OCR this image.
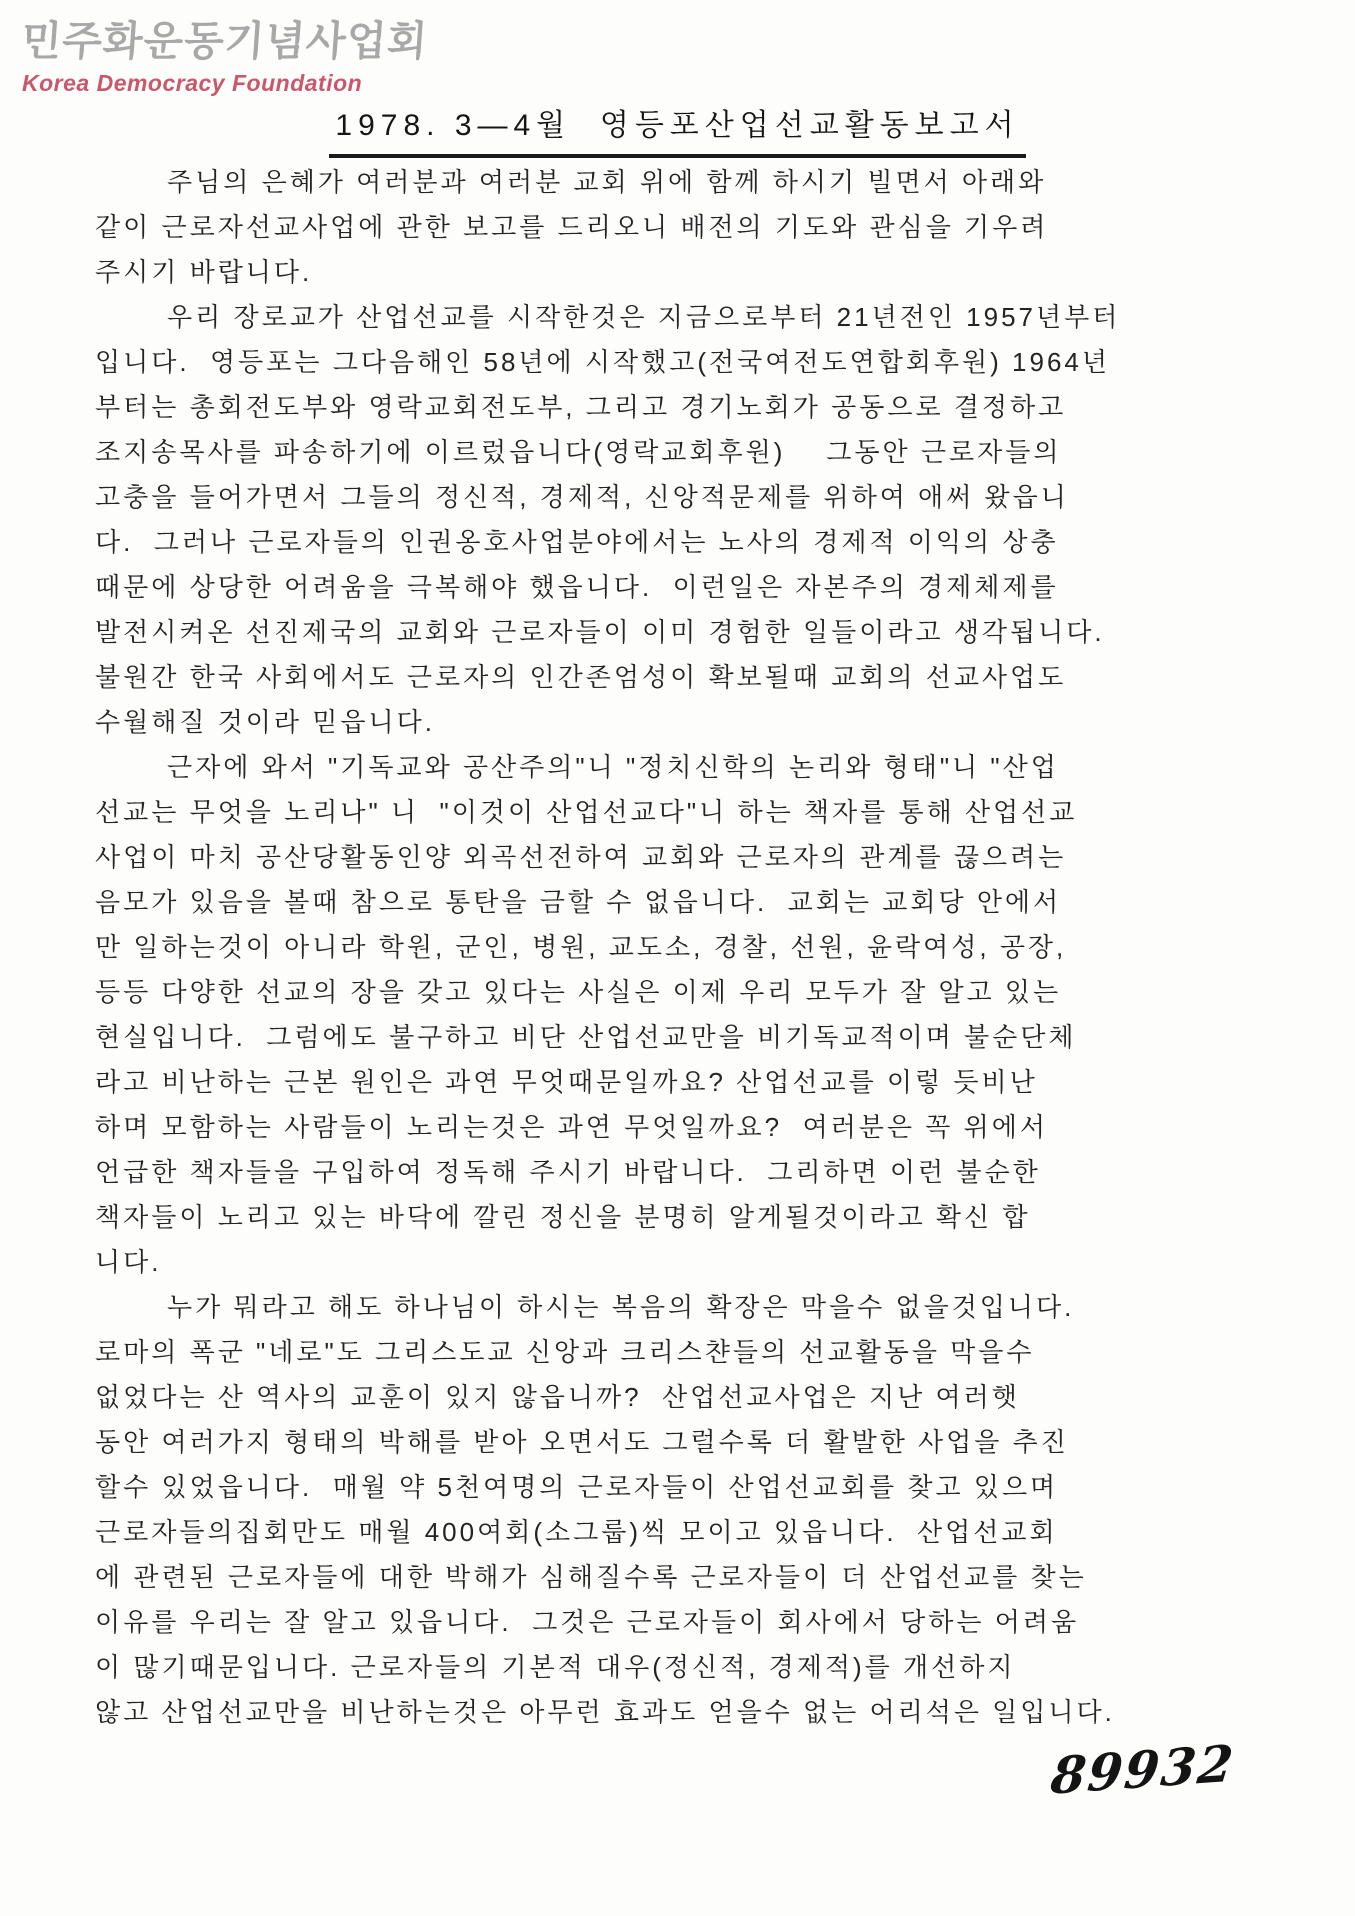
민주화운동기념사업회
Korea Democracy Foundation
1978. 3—4월  영등포산업선교활동보고서
주님의 은혜가 여러분과 여러분 교회 위에 함께 하시기 빌면서 아래와
같이 근로자선교사업에 관한 보고를 드리오니 배전의 기도와 관심을 기우려
주시기 바랍니다.
우리 장로교가 산업선교를 시작한것은 지금으로부터 21년전인 1957년부터
입니다.  영등포는 그다음해인 58년에 시작했고(전국여전도연합회후원) 1964년
부터는 총회전도부와 영락교회전도부, 그리고 경기노회가 공동으로 결정하고
조지송목사를 파송하기에 이르렀읍니다(영락교회후원)    그동안 근로자들의
고충을 들어가면서 그들의 정신적, 경제적, 신앙적문제를 위하여 애써 왔읍니
다.  그러나 근로자들의 인권옹호사업분야에서는 노사의 경제적 이익의 상충
때문에 상당한 어려움을 극복해야 했읍니다.  이런일은 자본주의 경제체제를
발전시켜온 선진제국의 교회와 근로자들이 이미 경험한 일들이라고 생각됩니다.
불원간 한국 사회에서도 근로자의 인간존엄성이 확보될때 교회의 선교사업도
수월해질 것이라 믿읍니다.
근자에 와서 "기독교와 공산주의"니 "정치신학의 논리와 형태"니 "산업
선교는 무엇을 노리나" 니  "이것이 산업선교다"니 하는 책자를 통해 산업선교
사업이 마치 공산당활동인양 외곡선전하여 교회와 근로자의 관계를 끊으려는
음모가 있음을 볼때 참으로 통탄을 금할 수 없읍니다.  교회는 교회당 안에서
만 일하는것이 아니라 학원, 군인, 병원, 교도소, 경찰, 선원, 윤락여성, 공장,
등등 다양한 선교의 장을 갖고 있다는 사실은 이제 우리 모두가 잘 알고 있는
현실입니다.  그럼에도 불구하고 비단 산업선교만을 비기독교적이며 불순단체
라고 비난하는 근본 원인은 과연 무엇때문일까요? 산업선교를 이렇 듯비난
하며 모함하는 사람들이 노리는것은 과연 무엇일까요?  여러분은 꼭 위에서
언급한 책자들을 구입하여 정독해 주시기 바랍니다.  그리하면 이런 불순한
책자들이 노리고 있는 바닥에 깔린 정신을 분명히 알게될것이라고 확신 합
니다.
누가 뭐라고 해도 하나님이 하시는 복음의 확장은 막을수 없을것입니다.
로마의 폭군 "네로"도 그리스도교 신앙과 크리스챤들의 선교활동을 막을수
없었다는 산 역사의 교훈이 있지 않읍니까?  산업선교사업은 지난 여러햇
동안 여러가지 형태의 박해를 받아 오면서도 그럴수록 더 활발한 사업을 추진
할수 있었읍니다.  매월 약 5천여명의 근로자들이 산업선교회를 찾고 있으며
근로자들의집회만도 매월 400여회(소그룹)씩 모이고 있읍니다.  산업선교회
에 관련된 근로자들에 대한 박해가 심해질수록 근로자들이 더 산업선교를 찾는
이유를 우리는 잘 알고 있읍니다.  그것은 근로자들이 회사에서 당하는 어려움
이 많기때문입니다. 근로자들의 기본적 대우(정신적, 경제적)를 개선하지
않고 산업선교만을 비난하는것은 아무런 효과도 얻을수 없는 어리석은 일입니다.
89932
